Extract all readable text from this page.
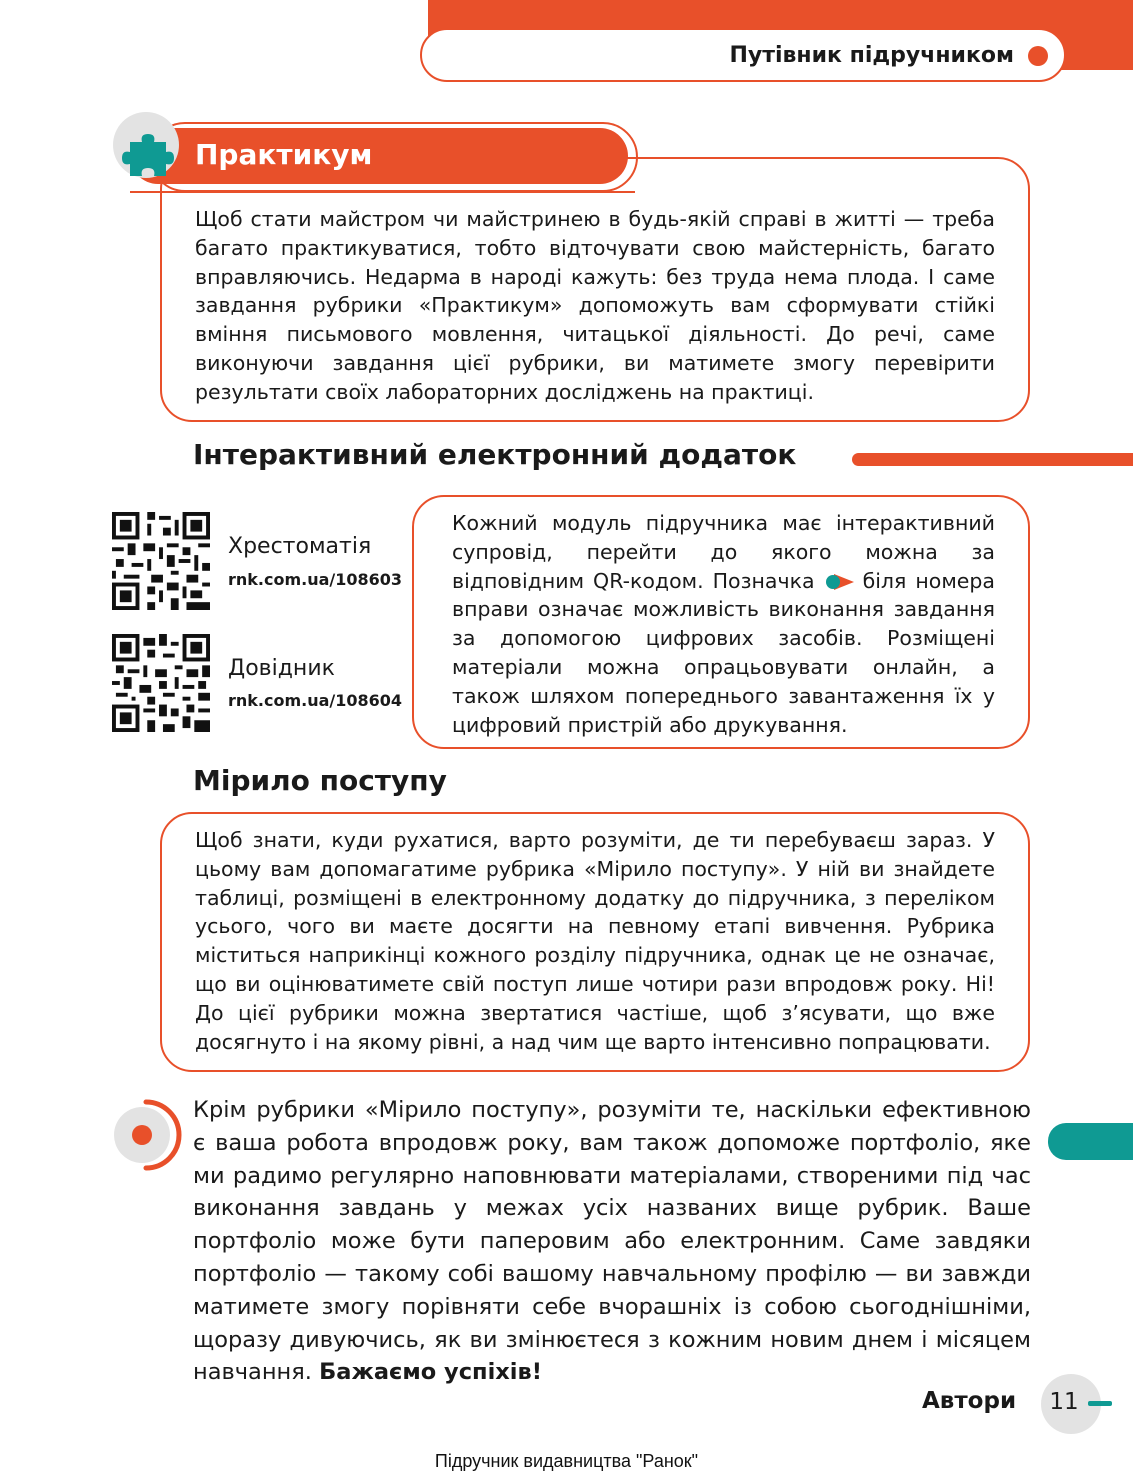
Путівник підручником

Щоб стати майстром чи майстринею в будь-якій справі в житті — треба багато практикуватися, тобто відточувати свою майстерність, багато вправляючись. Недарма в народі кажуть: без труда нема плода. І саме завдання рубрики «Практикум» допоможуть вам сформувати стійкі вміння письмового мовлення, читацької діяльності. До речі, саме виконуючи завдання цієї рубрики, ви матимете змогу перевірити результати своїх лабораторних досліджень на практиці.

Практикум
Інтерактивний електронний додаток
Хрестоматія
rnk.com.ua/108603
Довідник
rnk.com.ua/108604

Кожний модуль підручника має інтерактивний супровід, перейти до якого можна за відповідним QR-кодом. Позначка біля номера вправи означає можливість виконання завдання за допомогою цифрових засобів. Розміщені матеріали можна опрацьовувати онлайн, а також шляхом попереднього завантаження їх у цифровий пристрій або друкування.

Мірило поступу

Щоб знати, куди рухатися, варто розуміти, де ти перебуваєш зараз. У цьому вам допомагатиме рубрика «Мірило поступу». У ній ви знайдете таблиці, розміщені в електронному додатку до підручника, з переліком усього, чого ви маєте досягти на певному етапі вивчення. Рубрика міститься наприкінці кожного розділу підручника, однак це не означає, що ви оцінюватимете свій поступ лише чотири рази впродовж року. Ні! До цієї рубрики можна звертатися частіше, щоб з’ясувати, що вже досягнуто і на якому рівні, а над чим ще варто інтенсивно попрацювати.

Крім рубрики «Мірило поступу», розуміти те, наскільки ефективною є ваша робота впродовж року, вам також допоможе портфоліо, яке ми радимо регулярно наповнювати матеріалами, створеними під час виконання завдань у межах усіх названих вище рубрик. Ваше портфоліо може бути паперовим або електронним. Саме завдяки портфоліо — такому собі вашому навчальному профілю — ви завжди матимете змогу порівняти себе вчорашніх із собою сьогоднішніми, щоразу дивуючись, як ви змінюєтеся з кожним новим днем і місяцем навчання. Бажаємо успіхів!

Автори	11
Підручник видавництва "Ранок"
